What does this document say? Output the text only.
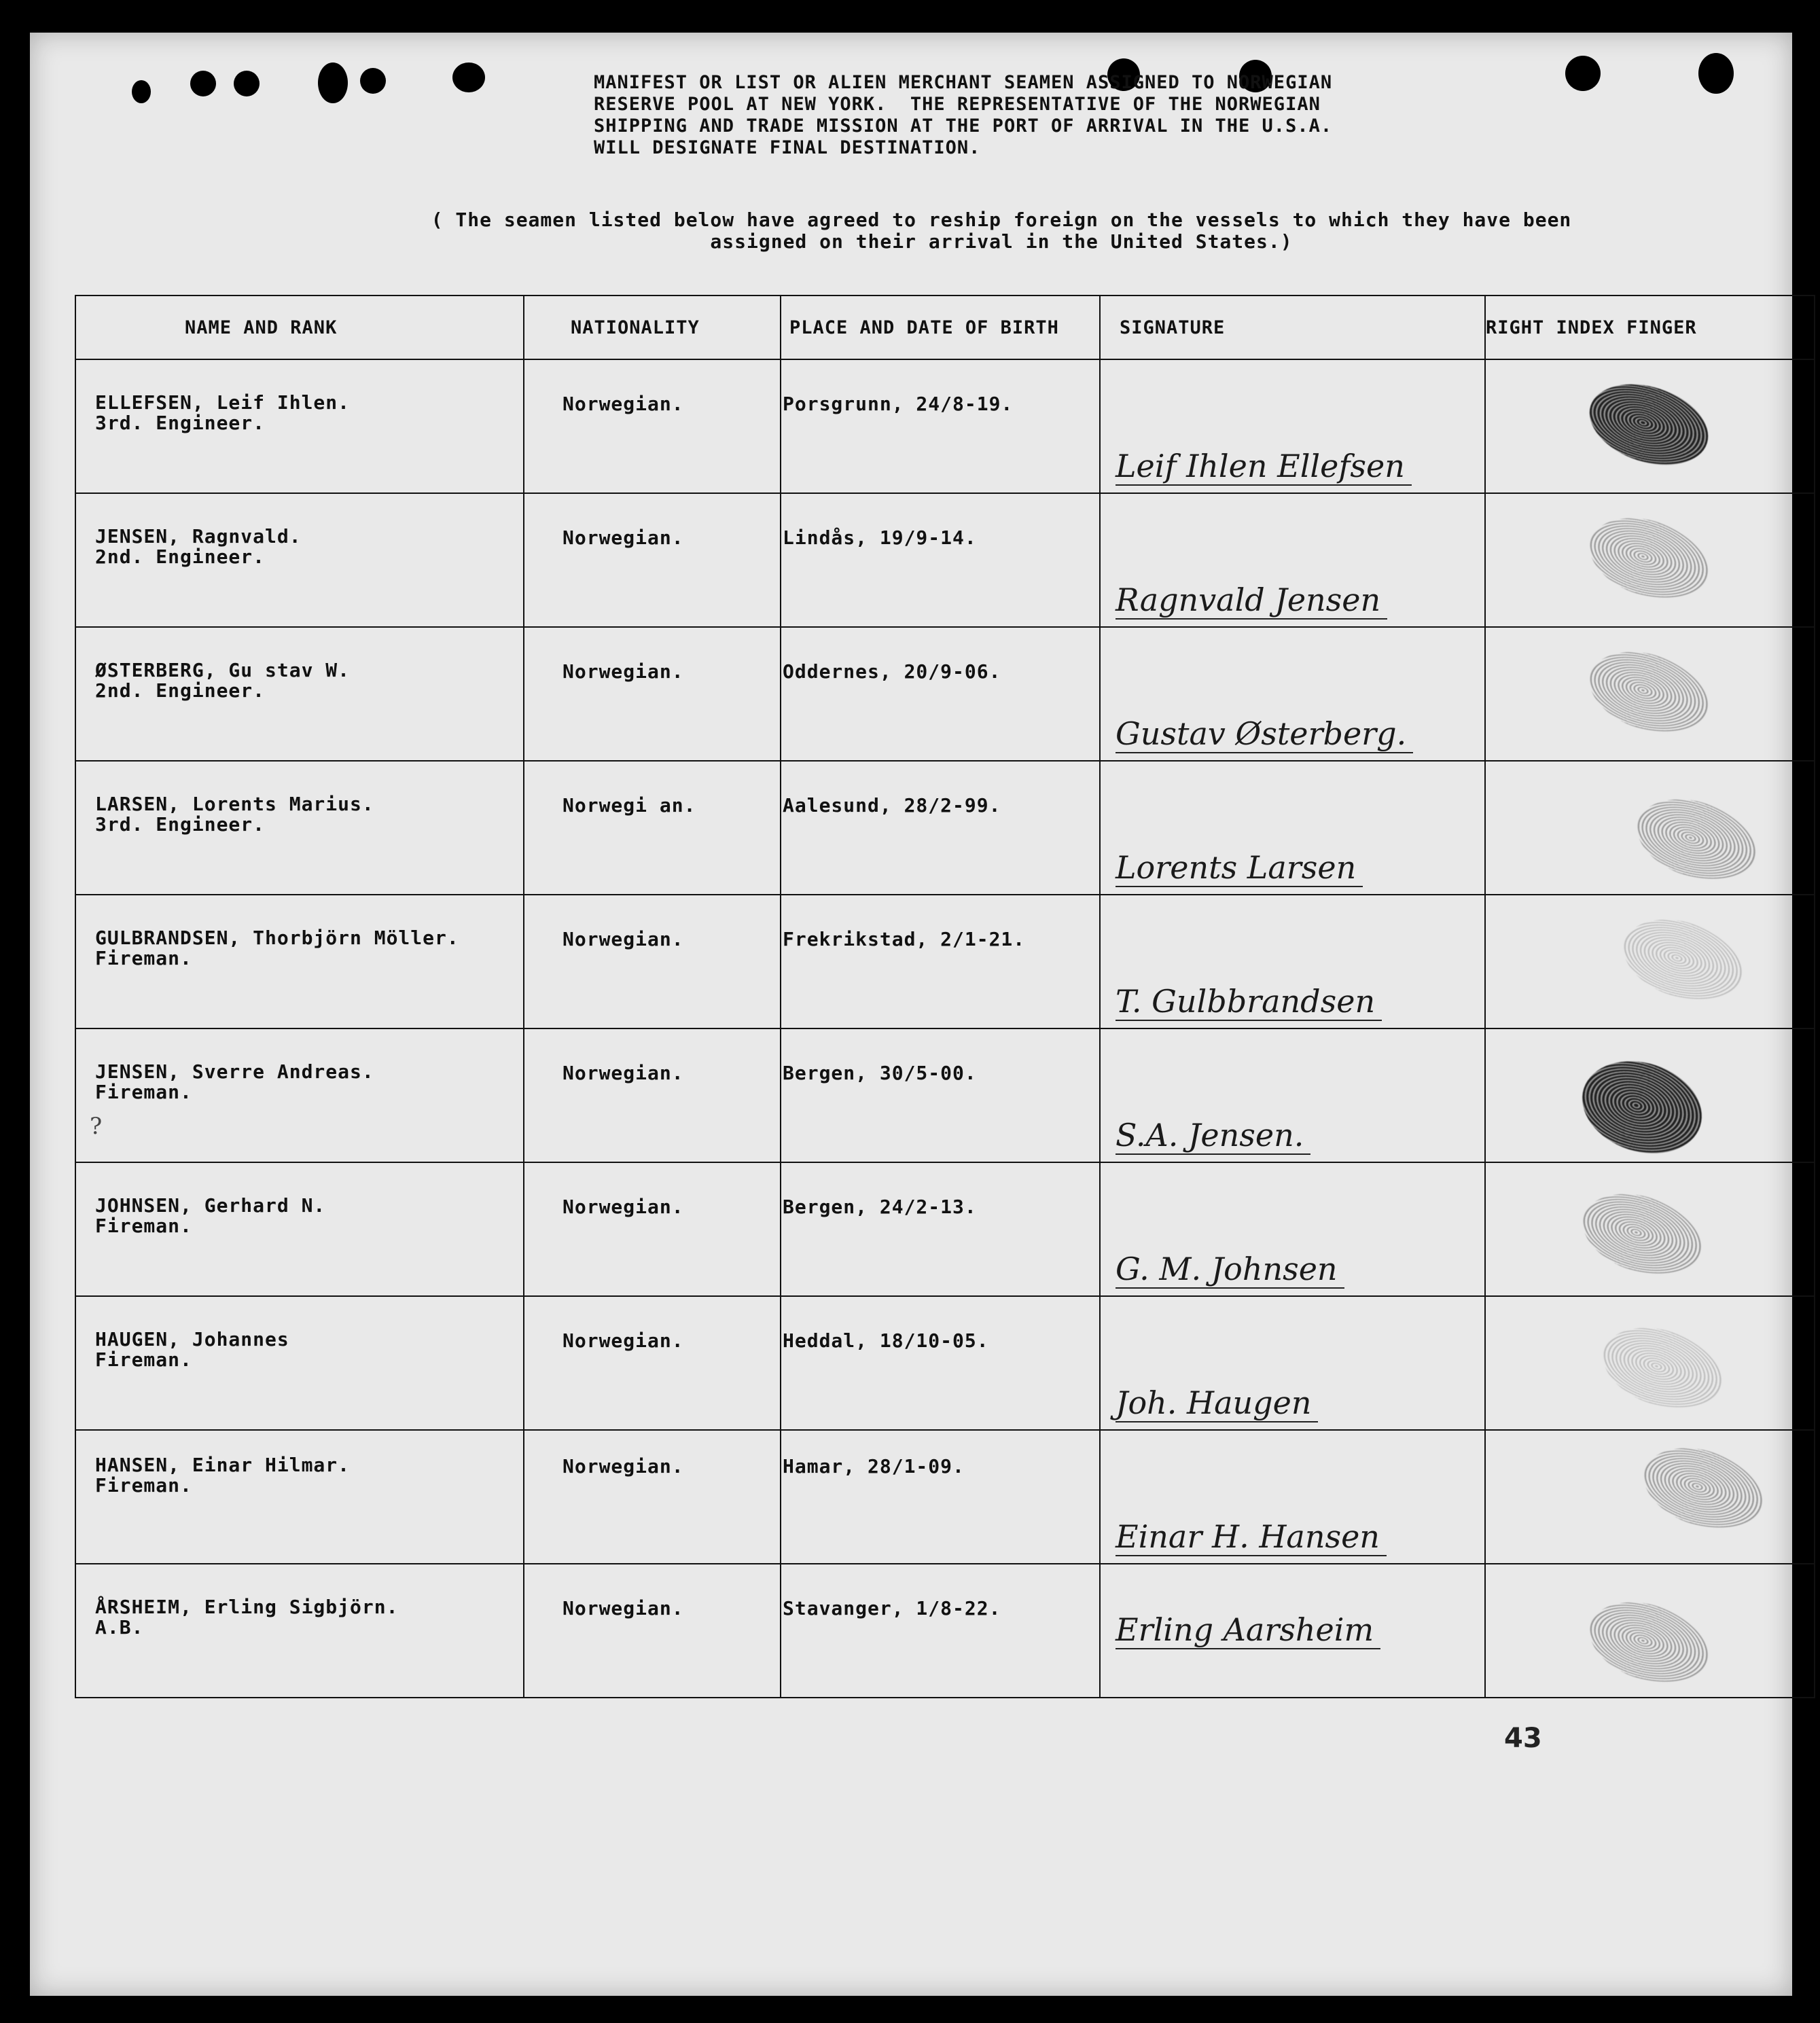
MANIFEST OR LIST OR ALIEN MERCHANT SEAMEN ASSIGNED TO NORWEGIAN
RESERVE POOL AT NEW YORK.  THE REPRESENTATIVE OF THE NORWEGIAN
SHIPPING AND TRADE MISSION AT THE PORT OF ARRIVAL IN THE U.S.A.
WILL DESIGNATE FINAL DESTINATION.
( The seamen listed below have agreed to reship foreign on the vessels to which they have been
assigned on their arrival in the United States.)
NAME AND RANK	NATIONALITY	PLACE AND DATE OF BIRTH	SIGNATURE	RIGHT INDEX FINGER

ELLEFSEN, Leif Ihlen.
3rd. Engineer.	Norwegian.	Porsgrunn, 24/8-19.	Leif Ihlen Ellefsen	

JENSEN, Ragnvald.
2nd. Engineer.	Norwegian.	Lindås, 19/9-14.	Ragnvald Jensen	

ØSTERBERG, Gu stav W.
2nd. Engineer.	Norwegian.	Oddernes, 20/9-06.	Gustav Østerberg.	

LARSEN, Lorents Marius.
3rd. Engineer.	Norwegi an.	Aalesund, 28/2-99.	Lorents Larsen	

GULBRANDSEN, Thorbjörn Möller.
Fireman.	Norwegian.	Frekrikstad, 2/1-21.	T. Gulbbrandsen	

JENSEN, Sverre Andreas.
Fireman.	Norwegian.	Bergen, 30/5-00.	S.A. Jensen.	

JOHNSEN, Gerhard N.
Fireman.	Norwegian.	Bergen, 24/2-13.	G. M. Johnsen	

HAUGEN, Johannes
Fireman.	Norwegian.	Heddal, 18/10-05.	Joh. Haugen	

HANSEN, Einar Hilmar.
Fireman.	Norwegian.	Hamar, 28/1-09.	Einar H. Hansen	

ÅRSHEIM, Erling Sigbjörn.
A.B.	Norwegian.	Stavanger, 1/8-22.	Erling Aarsheim	

?
43
